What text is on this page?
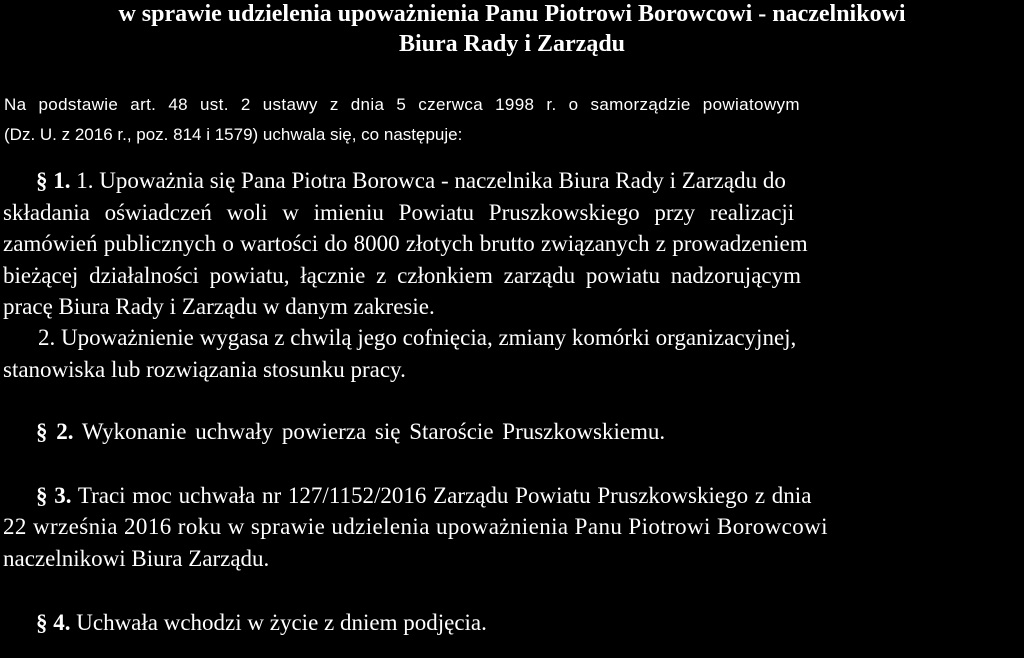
w sprawie udzielenia upoważnienia Panu Piotrowi Borowcowi - naczelnikowi
Biura Rady i Zarządu
Na podstawie art. 48 ust. 2 ustawy z dnia 5 czerwca 1998 r. o samorządzie powiatowym
(Dz. U. z 2016 r., poz. 814 i 1579) uchwala się, co następuje:
§ 1. 1. Upoważnia się Pana Piotra Borowca - naczelnika Biura Rady i Zarządu do
składania oświadczeń woli w imieniu Powiatu Pruszkowskiego przy realizacji
zamówień publicznych o wartości do 8000 złotych brutto związanych z prowadzeniem
bieżącej działalności powiatu, łącznie z członkiem zarządu powiatu nadzorującym
pracę Biura Rady i Zarządu w danym zakresie.
2. Upoważnienie wygasa z chwilą jego cofnięcia, zmiany komórki organizacyjnej,
stanowiska lub rozwiązania stosunku pracy.
§ 2. Wykonanie uchwały powierza się Staroście Pruszkowskiemu.
§ 3. Traci moc uchwała nr 127/1152/2016 Zarządu Powiatu Pruszkowskiego z dnia
22 września 2016 roku w sprawie udzielenia upoważnienia Panu Piotrowi Borowcowi
naczelnikowi Biura Zarządu.
§ 4. Uchwała wchodzi w życie z dniem podjęcia.
